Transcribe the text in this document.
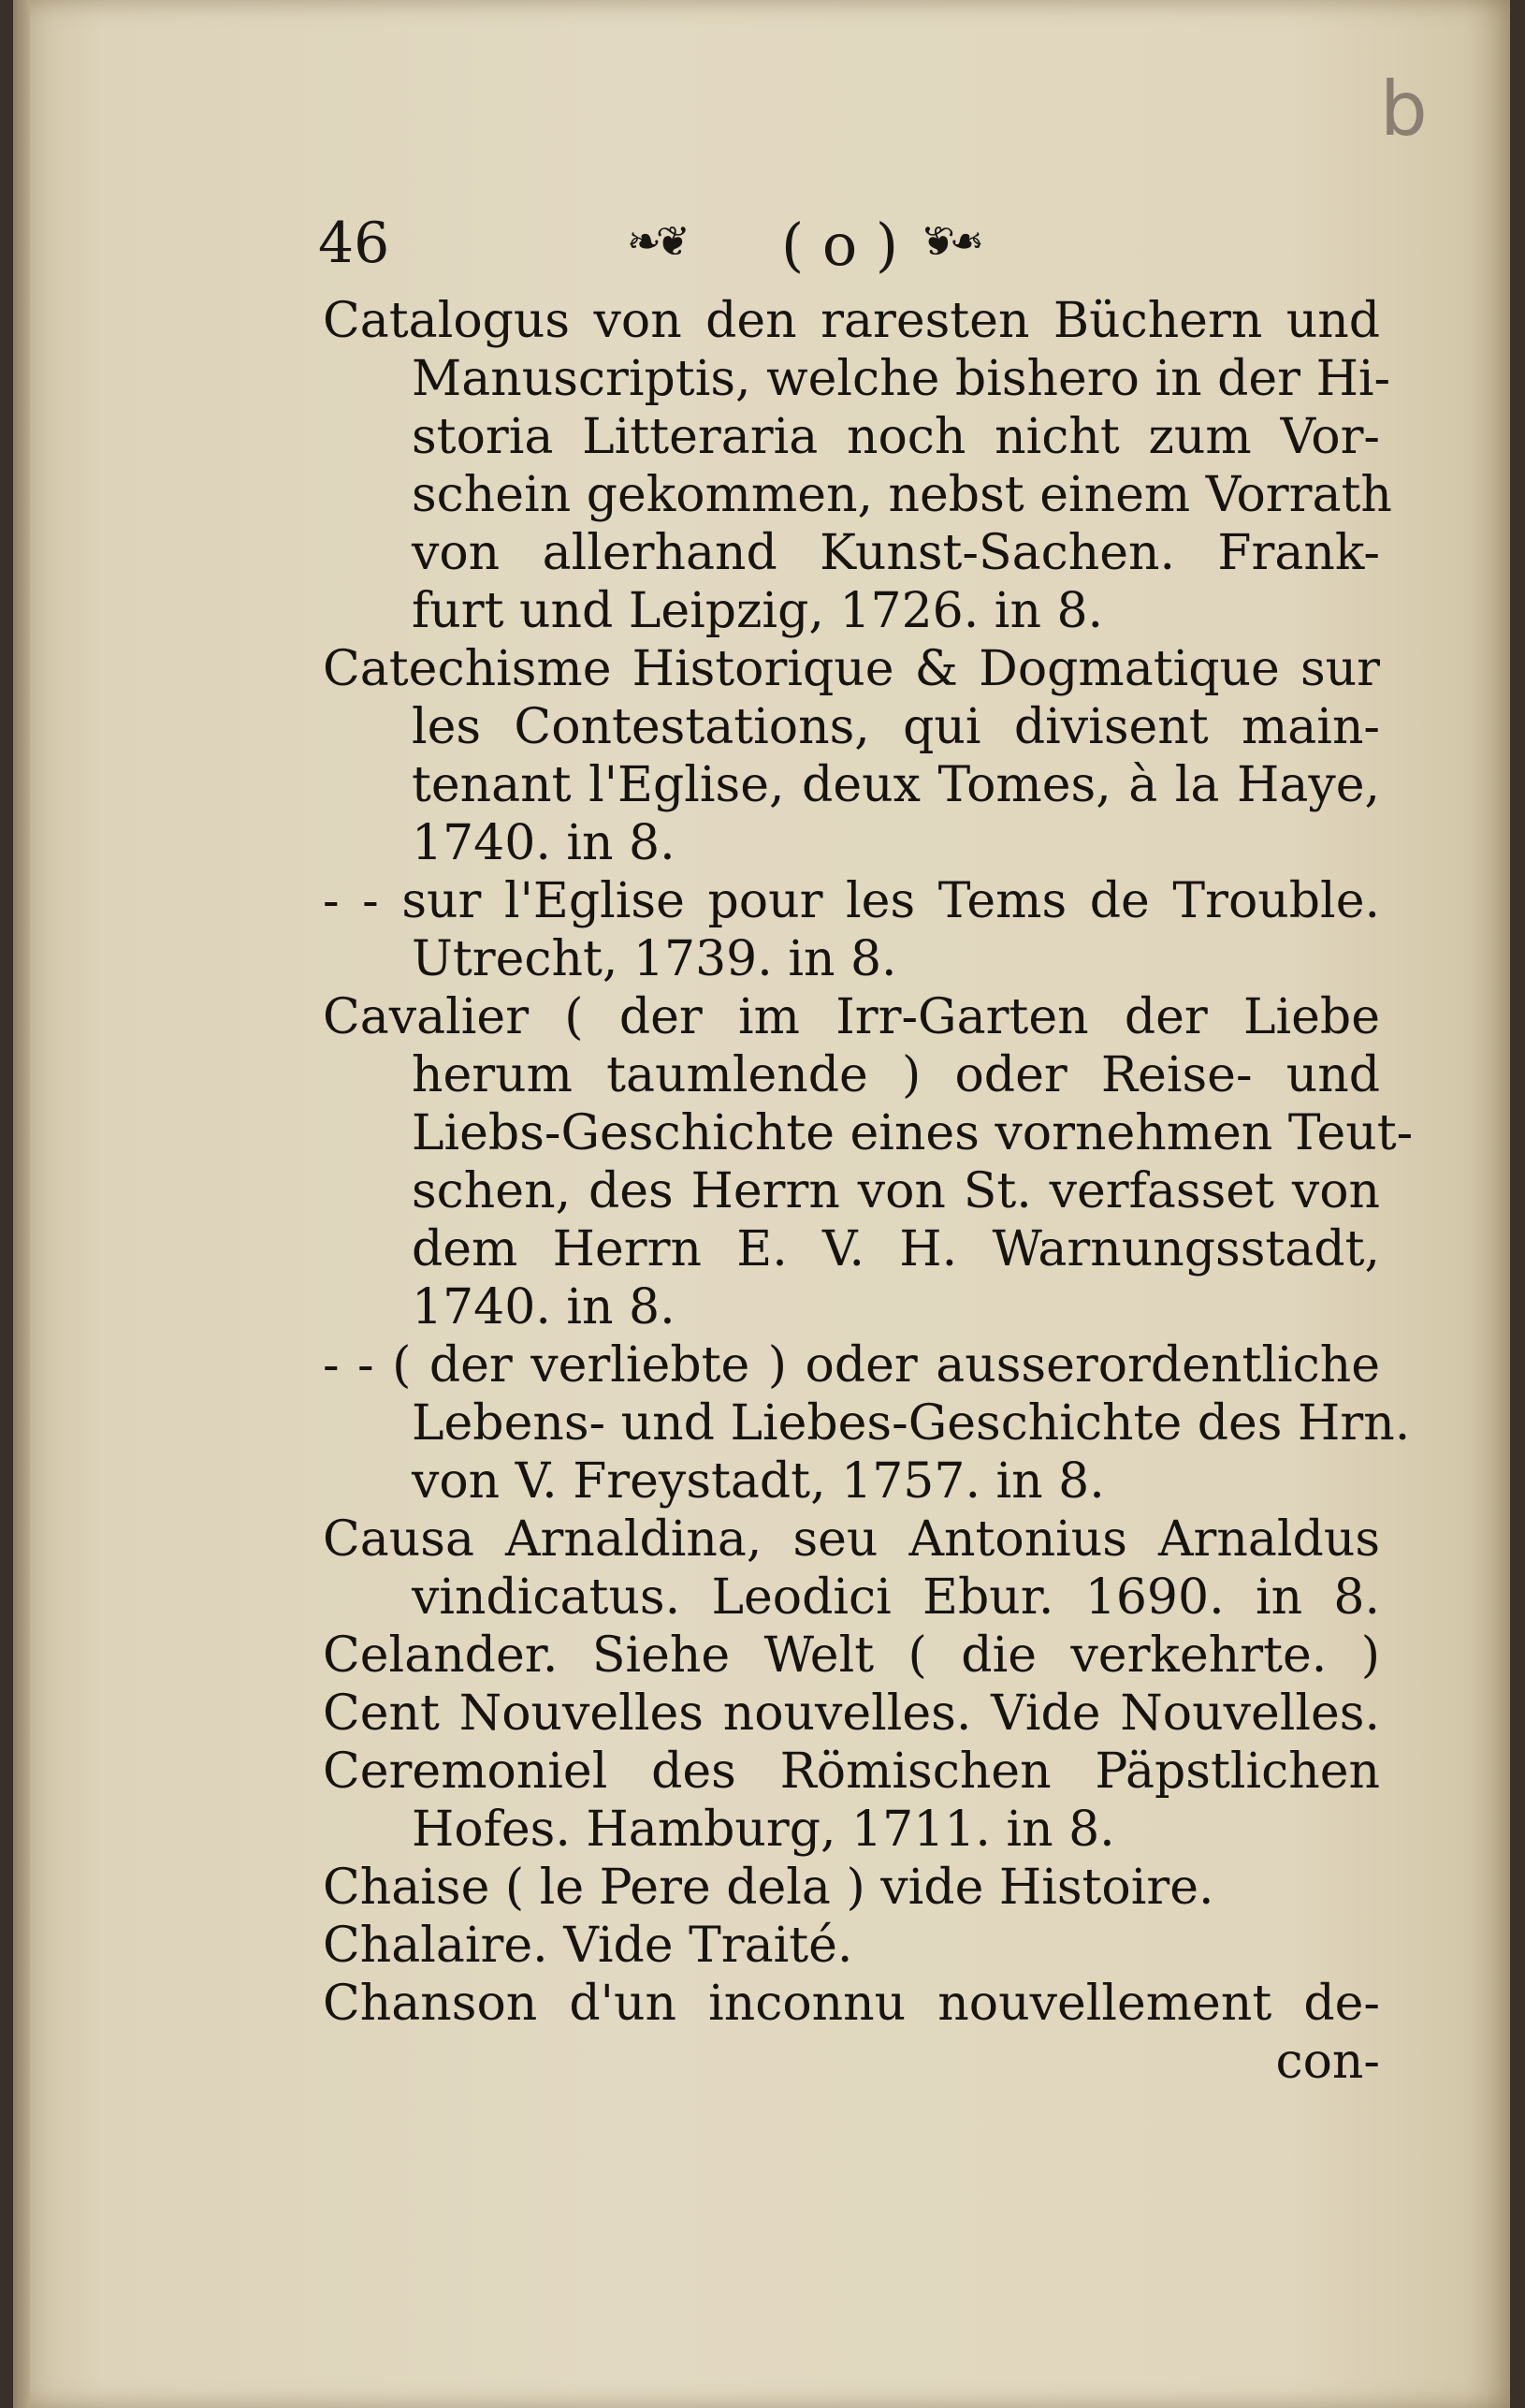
b
46	❧❦ ( o ) ❧❦
Catalogus von den raresten Büchern und
Manuscriptis, welche bishero in der Hi-
storia Litteraria noch nicht zum Vor-
schein gekommen, nebst einem Vorrath
von allerhand Kunst-Sachen. Frank-
furt und Leipzig, 1726. in 8.
Catechisme Historique & Dogmatique sur
les Contestations, qui divisent main-
tenant l'Eglise, deux Tomes, à la Haye,
1740. in 8.
- - sur l'Eglise pour les Tems de Trouble.
Utrecht, 1739. in 8.
Cavalier ( der im Irr-Garten der Liebe
herum taumlende ) oder Reise- und
Liebs-Geschichte eines vornehmen Teut-
schen, des Herrn von St. verfasset von
dem Herrn E. V. H. Warnungsstadt,
1740. in 8.
- - ( der verliebte ) oder ausserordentliche
Lebens- und Liebes-Geschichte des Hrn.
von V. Freystadt, 1757. in 8.
Causa Arnaldina, seu Antonius Arnaldus
vindicatus. Leodici Ebur. 1690. in 8.
Celander. Siehe Welt ( die verkehrte. )
Cent Nouvelles nouvelles. Vide Nouvelles.
Ceremoniel des Römischen Päpstlichen
Hofes. Hamburg, 1711. in 8.
Chaise ( le Pere dela ) vide Histoire.
Chalaire. Vide Traité.
Chanson d'un inconnu nouvellement de-
con-
